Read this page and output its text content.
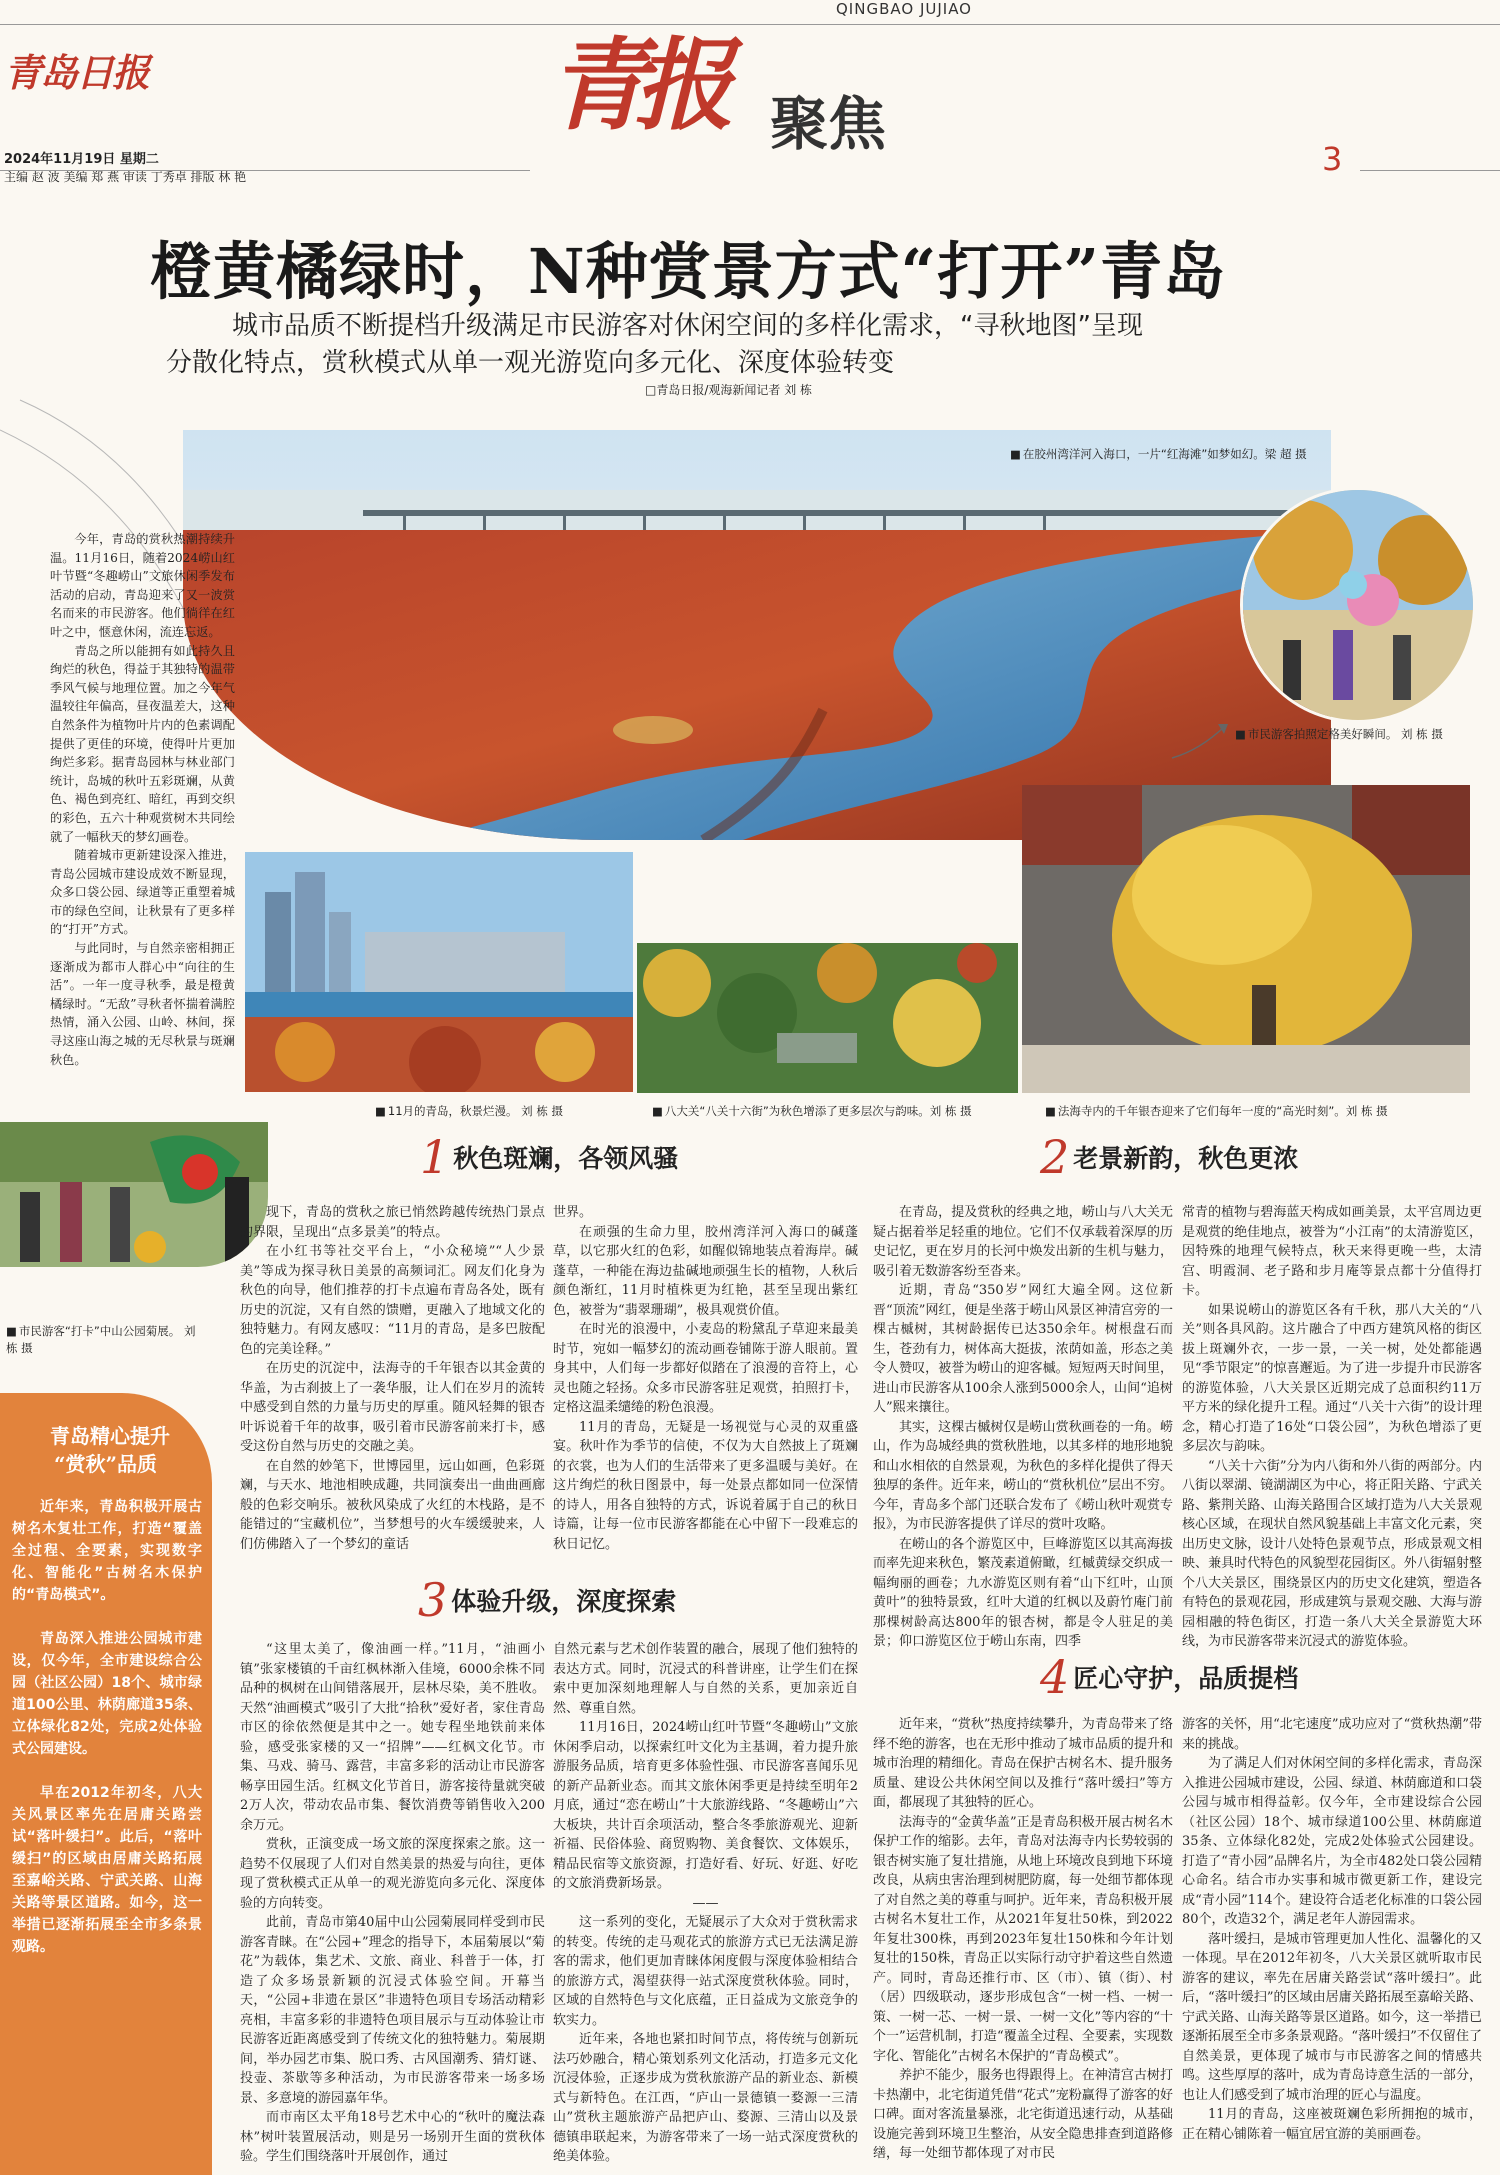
QINGBAO JUJIAO
青岛日报	青报 聚焦
2024年11月19日 星期二
主编 赵 波 美编 郑 燕 审读 丁秀卓 排版 林 艳	3
橙黄橘绿时，N种赏景方式“打开”青岛
城市品质不断提档升级满足市民游客对休闲空间的多样化需求，“寻秋地图”呈现
分散化特点，赏秋模式从单一观光游览向多元化、深度体验转变
□青岛日报/观海新闻记者 刘 栋
■ 在胶州湾洋河入海口，一片“红海滩”如梦如幻。梁 超 摄
■ 市民游客拍照定格美好瞬间。 刘 栋 摄

今年，青岛的赏秋热潮持续升温。11月16日，随着2024崂山红叶节暨“冬趣崂山”文旅休闲季发布活动的启动，青岛迎来了又一波赏名而来的市民游客。他们徜徉在红叶之中，惬意休闲，流连忘返。

青岛之所以能拥有如此持久且绚烂的秋色，得益于其独特的温带季风气候与地理位置。加之今年气温较往年偏高，昼夜温差大，这种自然条件为植物叶片内的色素调配提供了更佳的环境，使得叶片更加绚烂多彩。据青岛园林与林业部门统计，岛城的秋叶五彩斑斓，从黄色、褐色到亮红、暗红，再到交织的彩色，五六十种观赏树木共同绘就了一幅秋天的梦幻画卷。

随着城市更新建设深入推进，青岛公园城市建设成效不断显现，众多口袋公园、绿道等正重塑着城市的绿色空间，让秋景有了更多样的“打开”方式。

与此同时，与自然亲密相拥正逐渐成为都市人群心中“向往的生活”。一年一度寻秋季，最是橙黄橘绿时。“无敌”寻秋者怀揣着满腔热情，涌入公园、山岭、林间，探寻这座山海之城的无尽秋景与斑斓秋色。

■ 11月的青岛，秋景烂漫。 刘 栋 摄	■ 八大关“八关十六街”为秋色增添了更多层次与韵味。刘 栋 摄	■ 法海寺内的千年银杏迎来了它们每年一度的“高光时刻”。刘 栋 摄
■ 市民游客“打卡”中山公园菊展。 刘 栋 摄
青岛精心提升
“赏秋”品质

近年来，青岛积极开展古树名木复壮工作，打造“覆盖全过程、全要素，实现数字化、智能化”古树名木保护的“青岛模式”。

青岛深入推进公园城市建设，仅今年，全市建设综合公园（社区公园）18个、城市绿道100公里、林荫廊道35条、立体绿化82处，完成2处体验式公园建设。

早在2012年初冬，八大关风景区率先在居庸关路尝试“落叶缓扫”。此后，“落叶缓扫”的区域由居庸关路拓展至嘉峪关路、宁武关路、山海关路等景区道路。如今，这一举措已逐渐拓展至全市多条景观路。

1 秋色斑斓，各领风骚

现下，青岛的赏秋之旅已悄然跨越传统热门景点的界限，呈现出“点多景美”的特点。

在小红书等社交平台上，“小众秘境”“人少景美”等成为探寻秋日美景的高频词汇。网友们化身为秋色的向导，他们推荐的打卡点遍布青岛各处，既有历史的沉淀，又有自然的馈赠，更融入了地域文化的独特魅力。有网友感叹：“11月的青岛，是多巴胺配色的完美诠释。”

在历史的沉淀中，法海寺的千年银杏以其金黄的华盖，为古刹披上了一袭华服，让人们在岁月的流转中感受到自然的力量与历史的厚重。随风轻舞的银杏叶诉说着千年的故事，吸引着市民游客前来打卡，感受这份自然与历史的交融之美。

在自然的妙笔下，世博园里，远山如画，色彩斑斓，与天水、地池相映成趣，共同演奏出一曲曲画廊般的色彩交响乐。被秋风染成了火红的木栈路，是不能错过的“宝藏机位”，当梦想号的火车缓缓驶来，人们仿佛踏入了一个梦幻的童话

世界。

在顽强的生命力里，胶州湾洋河入海口的碱蓬草，以它那火红的色彩，如醒似锦地装点着海岸。碱蓬草，一种能在海边盐碱地顽强生长的植物，人秋后颜色渐红，11月时植株更为红艳，甚至呈现出紫红色，被誉为“翡翠珊瑚”，极具观赏价值。

在时光的浪漫中，小麦岛的粉黛乱子草迎来最美时节，宛如一幅梦幻的流动画卷铺陈于游人眼前。置身其中，人们每一步都好似踏在了浪漫的音符上，心灵也随之轻扬。众多市民游客驻足观赏，拍照打卡，定格这温柔缱绻的粉色浪漫。

11月的青岛，无疑是一场视觉与心灵的双重盛宴。秋叶作为季节的信使，不仅为大自然披上了斑斓的衣裳，也为人们的生活带来了更多温暖与美好。在这片绚烂的秋日图景中，每一处景点都如同一位深情的诗人，用各自独特的方式，诉说着属于自己的秋日诗篇，让每一位市民游客都能在心中留下一段难忘的秋日记忆。

3 体验升级，深度探索

“这里太美了，像油画一样。”11月，“油画小镇”张家楼镇的千亩红枫林渐入佳境，6000余株不同品种的枫树在山间错落展开，层林尽染，美不胜收。天然“油画模式”吸引了大批“拾秋”爱好者，家住青岛市区的徐依然便是其中之一。她专程坐地铁前来体验，感受张家楼的又一“招牌”——红枫文化节。市集、马戏、骑马、露营，丰富多彩的活动让市民游客畅享田园生活。红枫文化节首日，游客接待量就突破2万人次，带动农品市集、餐饮消费等销售收入200余万元。

赏秋，正演变成一场文旅的深度探索之旅。这一趋势不仅展现了人们对自然美景的热爱与向往，更体现了赏秋模式正从单一的观光游览向多元化、深度体验的方向转变。

此前，青岛市第40届中山公园菊展同样受到市民游客青睐。在“公园+”理念的指导下，本届菊展以“菊花”为载体，集艺术、文旅、商业、科普于一体，打造了众多场景新颖的沉浸式体验空间。开幕当天，“公园+非遗在景区”非遗特色项目专场活动精彩亮相，丰富多彩的非遗特色项目展示与互动体验让市民游客近距离感受到了传统文化的独特魅力。菊展期间，举办园艺市集、脱口秀、古风国潮秀、猜灯谜、投壶、茶歇等多种活动，为市民游客带来一场多场景、多意境的游园嘉年华。

而市南区太平角18号艺术中心的“秋叶的魔法森林”树叶装置展活动，则是另一场别开生面的赏秋体验。学生们围绕落叶开展创作，通过

自然元素与艺术创作装置的融合，展现了他们独特的表达方式。同时，沉浸式的科普讲座，让学生们在探索中更加深刻地理解人与自然的关系，更加亲近自然、尊重自然。

11月16日，2024崂山红叶节暨“冬趣崂山”文旅休闲季启动，以探索红叶文化为主基调，着力提升旅游服务品质，培育更多体验性强、市民游客喜闻乐见的新产品新业态。而其文旅休闲季更是持续至明年2月底，通过“恋在崂山”十大旅游线路、“冬趣崂山”六大板块，共计百余项活动，整合冬季旅游观光、迎新祈福、民俗体验、商贸购物、美食餐饮、文体娱乐，精品民宿等文旅资源，打造好看、好玩、好逛、好吃的文旅消费新场景。

——

这一系列的变化，无疑展示了大众对于赏秋需求的转变。传统的走马观花式的旅游方式已无法满足游客的需求，他们更加青睐体闲度假与深度体验相结合的旅游方式，渴望获得一站式深度赏秋体验。同时，区域的自然特色与文化底蕴，正日益成为文旅竞争的软实力。

近年来，各地也紧扣时间节点，将传统与创新玩法巧妙融合，精心策划系列文化活动，打造多元文化沉浸体验，正逐步成为赏秋旅游产品的新业态、新模式与新特色。在江西，“庐山一景德镇一婺源一三清山”赏秋主题旅游产品把庐山、婺源、三清山以及景德镇串联起来，为游客带来了一场一站式深度赏秋的绝美体验。

2 老景新韵，秋色更浓

在青岛，提及赏秋的经典之地，崂山与八大关无疑占据着举足轻重的地位。它们不仅承载着深厚的历史记忆，更在岁月的长河中焕发出新的生机与魅力，吸引着无数游客纷至沓来。

近期，青岛“350岁”网红大遍全网。这位新晋“顶流”网红，便是坐落于崂山风景区神清宫旁的一棵古槭树，其树龄据传已达350余年。树根盘石而生，苍劲有力，树体高大挺拔，浓荫如盖，形态之美令人赞叹，被誉为崂山的迎客槭。短短两天时间里，进山市民游客从100余人涨到5000余人，山间“追树人”熙来攘往。

其实，这棵古槭树仅是崂山赏秋画卷的一角。崂山，作为岛城经典的赏秋胜地，以其多样的地形地貌和山水相依的自然景观，为秋色的多样化提供了得天独厚的条件。近年来，崂山的“赏秋机位”层出不穷。今年，青岛多个部门还联合发布了《崂山秋叶观赏专报》，为市民游客提供了详尽的赏叶攻略。

在崂山的各个游览区中，巨峰游览区以其高海拔而率先迎来秋色，繁茂素道俯瞰，红槭黄绿交织成一幅绚丽的画卷；九水游览区则有着“山下红叶，山顶黄叶”的独特景致，红叶大道的红枫以及蔚竹庵门前那棵树龄高达800年的银杏树，都是令人驻足的美景；仰口游览区位于崂山东南，四季

常青的植物与碧海蓝天构成如画美景，太平宫周边更是观赏的绝佳地点，被誉为“小江南”的太清游览区，因特殊的地理气候特点，秋天来得更晚一些，太清宫、明霞洞、老子路和步月庵等景点都十分值得打卡。

如果说崂山的游览区各有千秋，那八大关的“八关”则各具风韵。这片融合了中西方建筑风格的街区拔上斑斓外衣，一步一景，一关一树，处处都能遇见“季节限定”的惊喜邂逅。为了进一步提升市民游客的游览体验，八大关景区近期完成了总面积约11万平方米的绿化提升工程。通过“八关十六街”的设计理念，精心打造了16处“口袋公园”，为秋色增添了更多层次与韵味。

“八关十六街”分为内八街和外八街的两部分。内八街以翠湖、镜湖湖区为中心，将正阳关路、宁武关路、紫荆关路、山海关路围合区域打造为八大关景观核心区域，在现状自然风貌基础上丰富文化元素，突出历史文脉，设计八处特色景观节点，形成景观文相映、兼具时代特色的风貌型花园街区。外八街辐射整个八大关景区，围绕景区内的历史文化建筑，塑造各有特色的景观花园，形成建筑与景观交融、大海与游园相融的特色街区，打造一条八大关全景游览大环线，为市民游客带来沉浸式的游览体验。

4 匠心守护，品质提档

近年来，“赏秋”热度持续攀升，为青岛带来了络绎不绝的游客，也在无形中推动了城市品质的提升和城市治理的精细化。青岛在保护古树名木、提升服务质量、建设公共休闲空间以及推行“落叶缓扫”等方面，都展现了其独特的匠心。

法海寺的“金黄华盖”正是青岛积极开展古树名木保护工作的缩影。去年，青岛对法海寺内长势较弱的银杏树实施了复壮措施，从地上环境改良到地下环境改良，从病虫害治理到树肥防腐，每一处细节都体现了对自然之美的尊重与呵护。近年来，青岛积极开展古树名木复壮工作，从2021年复壮50株，到2022年复壮300株，再到2023年复壮150株和今年计划复壮的150株，青岛正以实际行动守护着这些自然遗产。同时，青岛还推行市、区（市）、镇（街）、村（居）四级联动，逐步形成包含“一树一档、一树一策、一树一芯、一树一景、一树一文化”等内容的“十个一”运营机制，打造“覆盖全过程、全要素，实现数字化、智能化”古树名木保护的“青岛模式”。

养护不能少，服务也得跟得上。在神清宫古树打卡热潮中，北宅街道凭借“花式”宠粉赢得了游客的好口碑。面对客流量暴涨，北宅街道迅速行动，从基础设施完善到环境卫生整治，从安全隐患排查到道路修缮，每一处细节都体现了对市民

游客的关怀，用“北宅速度”成功应对了“赏秋热潮”带来的挑战。

为了满足人们对休闲空间的多样化需求，青岛深入推进公园城市建设，公园、绿道、林荫廊道和口袋公园与城市相得益彰。仅今年，全市建设综合公园（社区公园）18个、城市绿道100公里、林荫廊道35条、立体绿化82处，完成2处体验式公园建设。打造了“青小园”品牌名片，为全市482处口袋公园精心命名。结合市办实事和城市微更新工作，建设完成“青小园”114个。建设符合适老化标准的口袋公园80个，改造32个，满足老年人游园需求。

落叶缓扫，是城市管理更加人性化、温馨化的又一体现。早在2012年初冬，八大关景区就听取市民游客的建议，率先在居庸关路尝试“落叶缓扫”。此后，“落叶缓扫”的区域由居庸关路拓展至嘉峪关路、宁武关路、山海关路等景区道路。如今，这一举措已逐渐拓展至全市多条景观路。“落叶缓扫”不仅留住了自然美景，更体现了城市与市民游客之间的情感共鸣。这些厚厚的落叶，成为青岛诗意生活的一部分，也让人们感受到了城市治理的匠心与温度。

11月的青岛，这座被斑斓色彩所拥抱的城市，正在精心铺陈着一幅宜居宜游的美丽画卷。
